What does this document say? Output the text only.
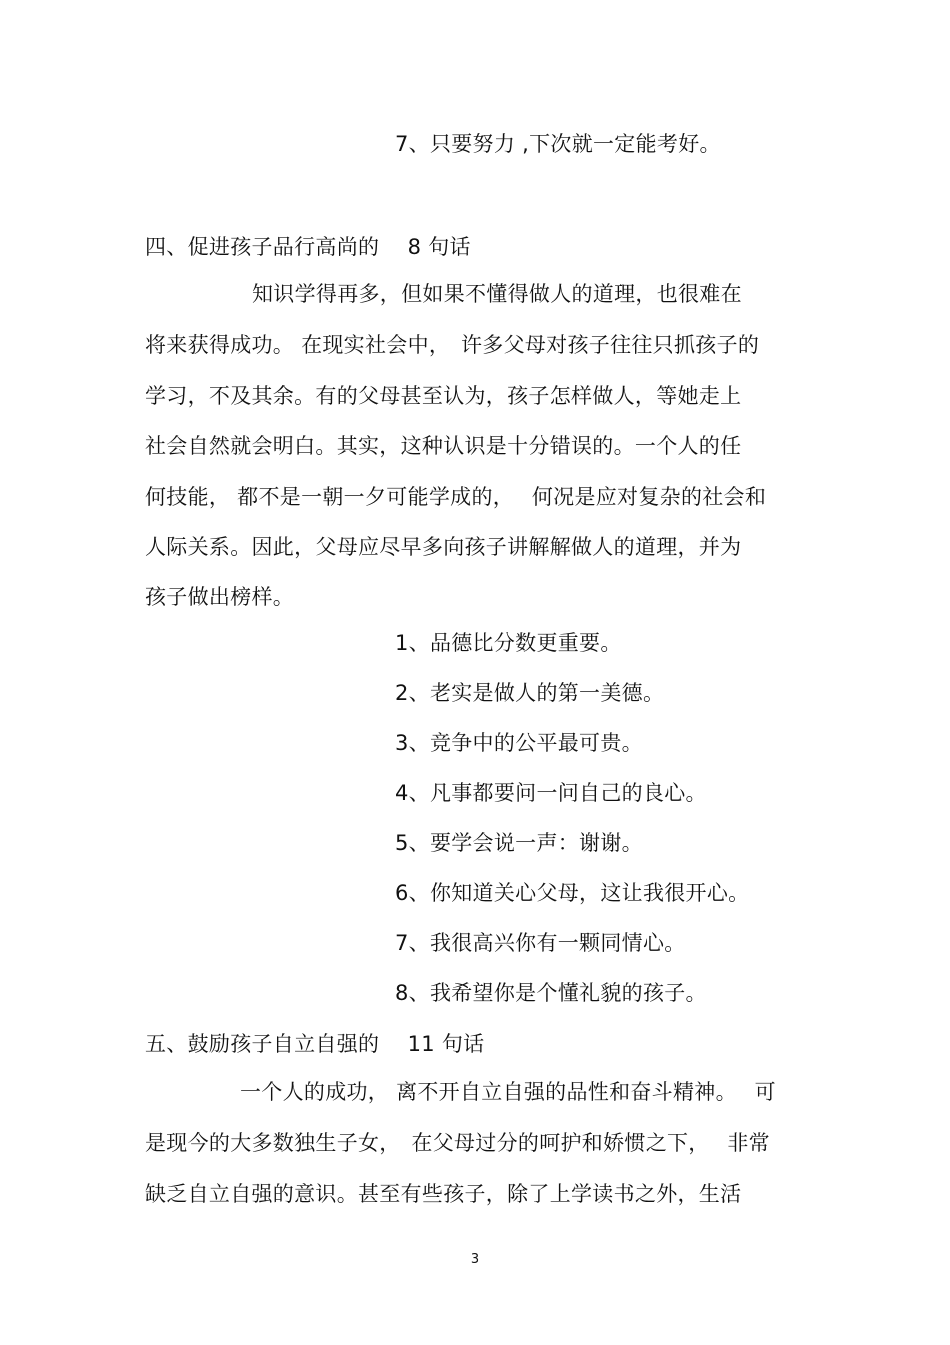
7、只要努力 ,下次就一定能考好。
四、促进孩子品行高尚的　 8 句话
知识学得再多，但如果不懂得做人的道理，也很难在
将来获得成功。 在现实社会中，　许多父母对孩子往往只抓孩子的
学习，不及其余。有的父母甚至认为，孩子怎样做人，等她走上
社会自然就会明白。其实，这种认识是十分错误的。一个人的任
何技能， 都不是一朝一夕可能学成的，　 何况是应对复杂的社会和
人际关系。因此，父母应尽早多向孩子讲解解做人的道理，并为
孩子做出榜样。
1、品德比分数更重要。
2、老实是做人的第一美德。
3、竞争中的公平最可贵。
4、凡事都要问一问自己的良心。
5、要学会说一声：谢谢。
6、你知道关心父母，这让我很开心。
7、我很高兴你有一颗同情心。
8、我希望你是个懂礼貌的孩子。
五、鼓励孩子自立自强的　 11 句话
一个人的成功， 离不开自立自强的品性和奋斗精神。　 可
是现今的大多数独生子女，　在父母过分的呵护和娇惯之下，　 非常
缺乏自立自强的意识。甚至有些孩子，除了上学读书之外，生活
3
